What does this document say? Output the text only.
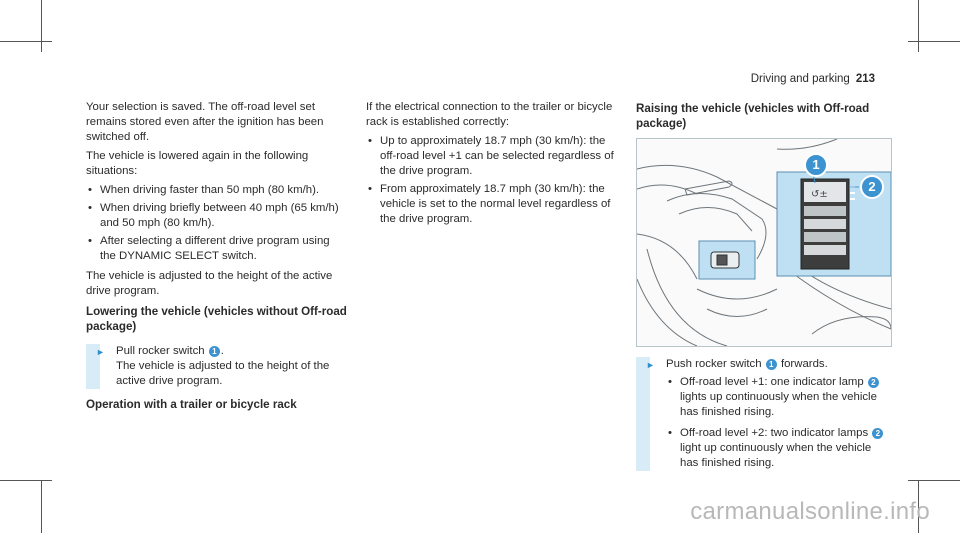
Driving and parking 213

Your selection is saved. The off-road level set remains stored even after the ignition has been switched off.

The vehicle is lowered again in the following situations:

• When driving faster than 50 mph (80 km/h).
• When driving briefly between 40 mph (65 km/h) and 50 mph (80 km/h).
• After selecting a different drive program using the DYNAMIC SELECT switch.

The vehicle is adjusted to the height of the active drive program.

Lowering the vehicle (vehicles without Off-road package)
► Pull rocker switch 1 .
The vehicle is adjusted to the height of the active drive program.
Operation with a trailer or bicycle rack

If the electrical connection to the trailer or bicycle rack is established correctly:

• Up to approximately 18.7 mph (30 km/h): the off-road level +1 can be selected regardless of the drive program.
• From approximately 18.7 mph (30 km/h): the vehicle is set to the normal level regardless of the drive program.
Raising the vehicle (vehicles with Off-road package)
↺±
1
2
► Push rocker switch 1 forwards.
• Off-road level +1: one indicator lamp 2 lights up continuously when the vehicle has finished rising.
• Off-road level +2: two indicator lamps 2 light up continuously when the vehicle has finished rising.
carmanualsonline.info
